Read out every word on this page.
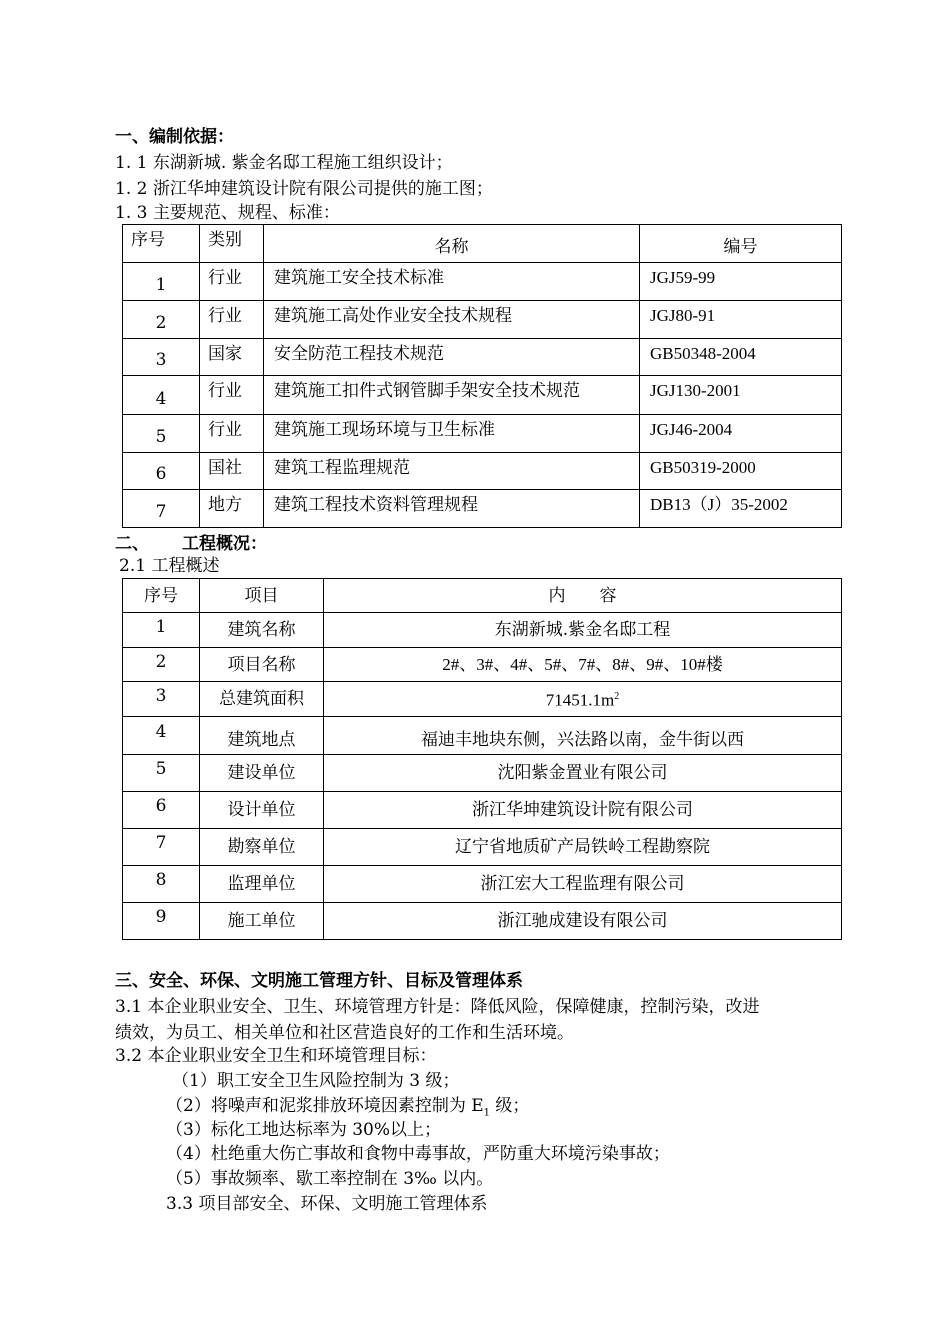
一、编制依据：
1. 1 东湖新城. 紫金名邸工程施工组织设计；
1. 2 浙江华坤建筑设计院有限公司提供的施工图；
1. 3 主要规范、规程、标准：
序号	类别	名称	编号
1	行业	建筑施工安全技术标准	JGJ59-99
2	行业	建筑施工高处作业安全技术规程	JGJ80-91
3	国家	安全防范工程技术规范	GB50348-2004
4	行业	建筑施工扣件式钢管脚手架安全技术规范	JGJ130-2001
5	行业	建筑施工现场环境与卫生标准	JGJ46-2004
6	国社	建筑工程监理规范	GB50319-2000
7	地方	建筑工程技术资料管理规程	DB13（J）35-2002
二、 工程概况：
2.1 工程概述
序号	项目	内　　容
1	建筑名称	东湖新城.紫金名邸工程
2	项目名称	2#、3#、4#、5#、7#、8#、9#、10#楼
3	总建筑面积	$71451.1m^2$
4	建筑地点	福迪丰地块东侧，兴法路以南，金牛街以西
5	建设单位	沈阳紫金置业有限公司
6	设计单位	浙江华坤建筑设计院有限公司
7	勘察单位	辽宁省地质矿产局铁岭工程勘察院
8	监理单位	浙江宏大工程监理有限公司
9	施工单位	浙江驰成建设有限公司
三、安全、环保、文明施工管理方针、目标及管理体系
3.1 本企业职业安全、卫生、环境管理方针是：降低风险，保障健康，控制污染，改进
绩效，为员工、相关单位和社区营造良好的工作和生活环境。
3.2 本企业职业安全卫生和环境管理目标：
（1）职工安全卫生风险控制为 3 级；
（2）将噪声和泥浆排放环境因素控制为 $E_1$ 级；
（3）标化工地达标率为 30%以上；
（4）杜绝重大伤亡事故和食物中毒事故，严防重大环境污染事故；
（5）事故频率、歇工率控制在 3‰ 以内。
3.3 项目部安全、环保、文明施工管理体系
